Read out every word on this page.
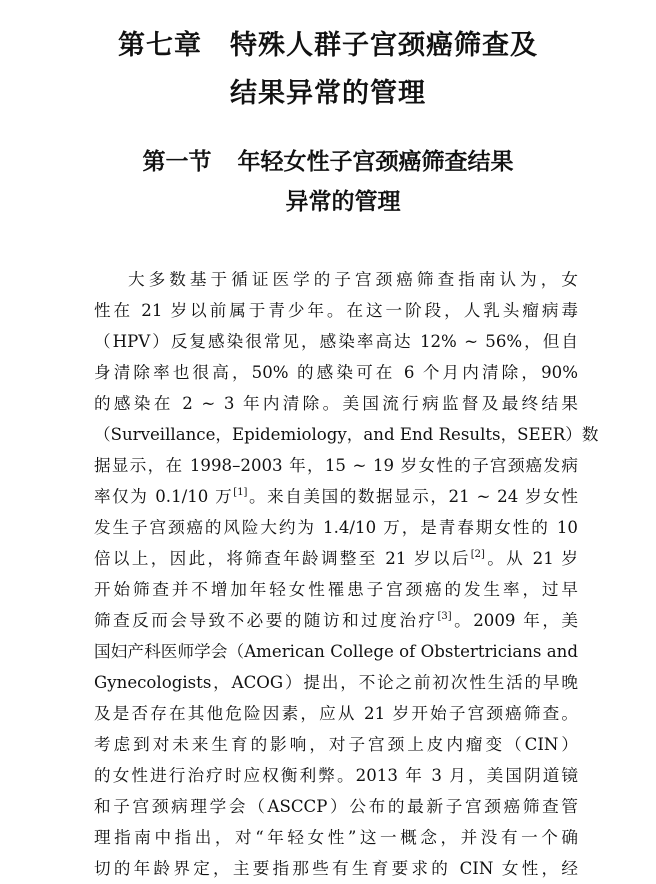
第七章　特殊人群子宫颈癌筛查及
结果异常的管理
第一节 年轻女性子宫颈癌筛查结果
异常的管理
大多数基于循证医学的子宫颈癌筛查指南认为，女
性在 21 岁以前属于青少年。在这一阶段，人乳头瘤病毒
（HPV）反复感染很常见，感染率高达 12% ~ 56%，但自
身清除率也很高，50% 的感染可在 6 个月内清除，90%
的感染在 2 ~ 3 年内清除。美国流行病监督及最终结果
（Surveillance，Epidemiology，and End Results，SEER）数
据显示，在 1998–2003 年，15 ~ 19 岁女性的子宫颈癌发病
率仅为 0.1/10 万[1]。来自美国的数据显示，21 ~ 24 岁女性
发生子宫颈癌的风险大约为 1.4/10 万，是青春期女性的 10
倍以上，因此，将筛查年龄调整至 21 岁以后[2]。从 21 岁
开始筛查并不增加年轻女性罹患子宫颈癌的发生率，过早
筛查反而会导致不必要的随访和过度治疗[3]。2009 年，美
国妇产科医师学会（American College of Obstertricians and
Gynecologists，ACOG）提出，不论之前初次性生活的早晚
及是否存在其他危险因素，应从 21 岁开始子宫颈癌筛查。
考虑到对未来生育的影响，对子宫颈上皮内瘤变（CIN）
的女性进行治疗时应权衡利弊。2013 年 3 月，美国阴道镜
和子宫颈病理学会（ASCCP）公布的最新子宫颈癌筛查管
理指南中指出，对“年轻女性”这一概念，并没有一个确
切的年龄界定，主要指那些有生育要求的 CIN 女性，经
